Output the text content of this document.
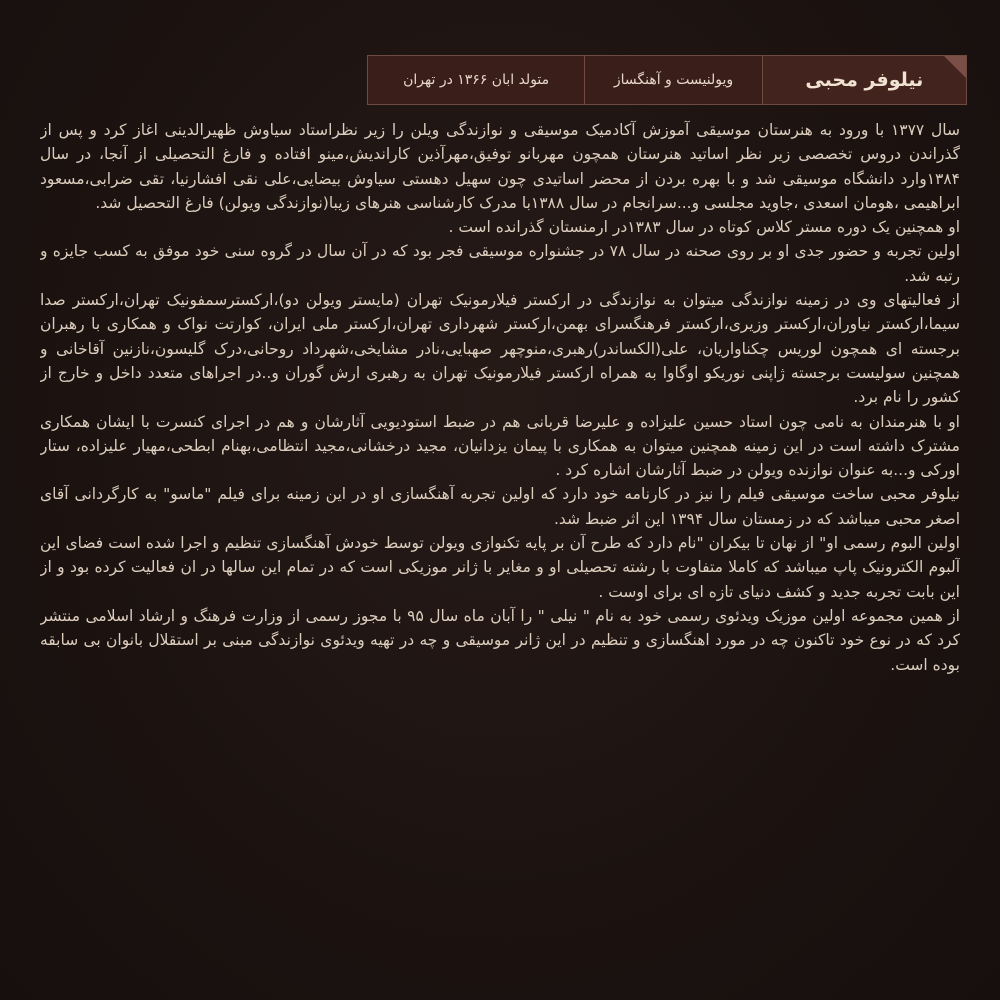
نیلوفر محبی
ویولنیست و آهنگساز
متولد ابان ۱۳۶۶ در تهران

سال ۱۳۷۷ با ورود به هنرستان موسیقی آموزش آکادمیک موسیقی و نوازندگی ویلن را زیر نظراستاد سیاوش ظهیرالدینی اغاز کرد و پس از گذراندن دروس تخصصی زیر نظر اساتید هنرستان همچون مهربانو توفیق،مهرآذین کاراندیش،مینو افتاده و فارغ التحصیلی از آنجا، در سال ۱۳۸۴وارد دانشگاه موسیقی شد و با بهره بردن از محضر اساتیدی چون سهیل دهستی سیاوش بیضایی،علی نقی افشارنیا، تقی ضرابی،مسعود ابراهیمی ،هومان اسعدی ،جاوید مجلسی و...سرانجام در سال ۱۳۸۸با مدرک کارشناسی هنرهای زیبا(نوازندگی ویولن) فارغ التحصیل شد.

او همچنین یک دوره مستر کلاس کوتاه در سال ۱۳۸۳در ارمنستان گذرانده است .

اولین تجربه و حضور جدی او بر روی صحنه در سال ۷۸ در جشنواره موسیقی فجر بود که در آن سال در گروه سنی خود موفق به کسب جایزه و رتبه شد.

از فعالیتهای وی در زمینه نوازندگی میتوان به نوازندگی در ارکستر فیلارمونیک تهران (مایستر ویولن دو)،ارکسترسمفونیک تهران،ارکستر صدا سیما،ارکستر نیاوران،ارکستر وزیری،ارکستر فرهنگسرای بهمن،ارکستر شهرداری تهران،ارکستر ملی ایران، کوارتت نواک و همکاری با رهبران برجسته ای همچون لوریس چکناواریان، علی(الکساندر)رهبری،منوچهر صهبایی،نادر مشایخی،شهرداد روحانی،درک گلیسون،نازنین آقاخانی و همچنین سولیست برجسته ژاپنی نوریکو اوگاوا به همراه ارکستر فیلارمونیک تهران به رهبری ارش گوران و..در اجراهای متعدد داخل و خارج از کشور را نام برد.

او با هنرمندان به نامی چون استاد حسین علیزاده و علیرضا قربانی هم در ضبط استودیویی آثارشان و هم در اجرای کنسرت با ایشان همکاری مشترک داشته است در این زمینه همچنین میتوان به همکاری با پیمان یزدانیان، مجید درخشانی،مجید انتظامی،بهنام ابطحی،مهیار علیزاده، ستار اورکی و...به عنوان نوازنده ویولن در ضبط آثارشان اشاره کرد .

نیلوفر محبی ساخت موسیقی فیلم را نیز در کارنامه خود دارد که اولین تجربه آهنگسازی او در این زمینه برای فیلم "ماسو" به کارگردانی آقای اصغر محبی میباشد که در زمستان سال ۱۳۹۴ این اثر ضبط شد.

اولین البوم رسمی او" از نهان تا بیکران "نام دارد که طرح آن بر پایه تکنوازی ویولن توسط خودش آهنگسازی تنظیم و اجرا شده است فضای این آلبوم الکترونیک پاپ میباشد که کاملا متفاوت با رشته تحصیلی او و مغایر با ژانر موزیکی است که در تمام این سالها در ان فعالیت کرده بود و از این بابت تجربه جدید و کشف دنیای تازه ای برای اوست .

از همین مجموعه اولین موزیک ویدئوی رسمی خود به نام " نیلی " را آبان ماه سال ۹۵ با مجوز رسمی از وزارت فرهنگ و ارشاد اسلامی منتشر کرد که در نوع خود تاکنون چه در مورد اهنگسازی و تنظیم در این ژانر موسیقی و چه در تهیه ویدئوی نوازندگی مبنی بر استقلال بانوان بی سابقه بوده است.
